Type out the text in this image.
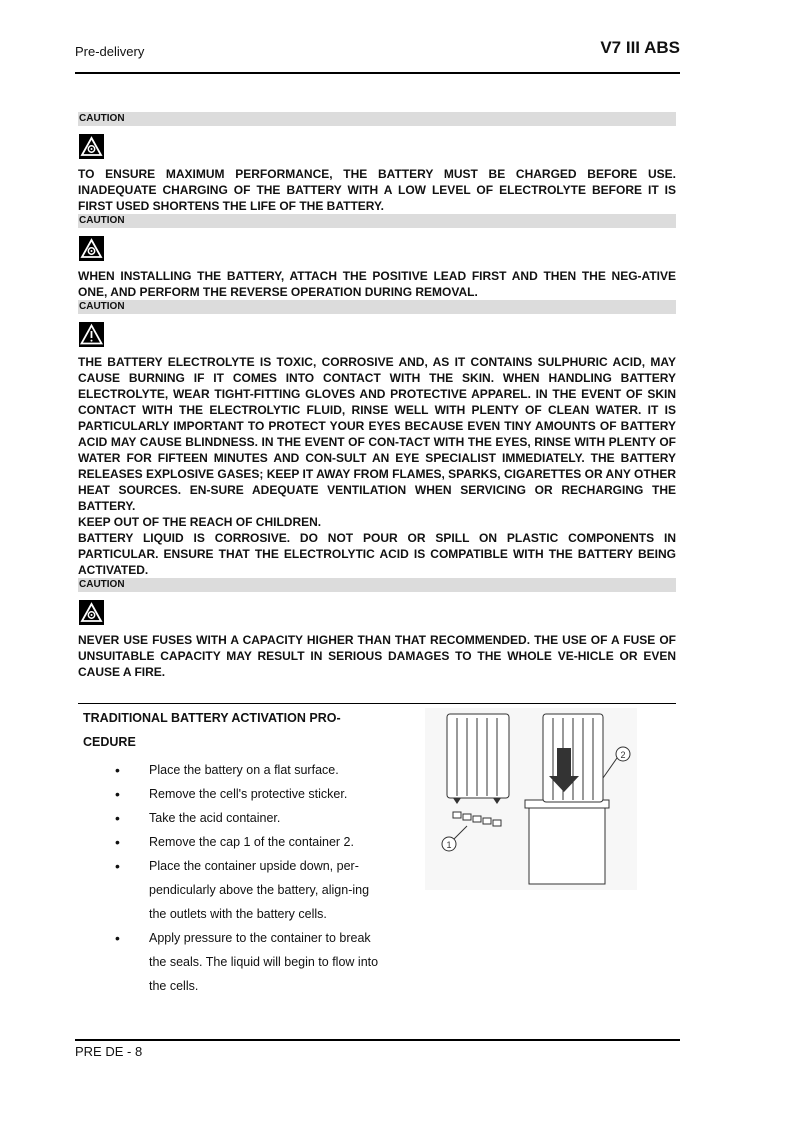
Pre-delivery	V7 III ABS
CAUTION

TO ENSURE MAXIMUM PERFORMANCE, THE BATTERY MUST BE CHARGED BEFORE USE. INADEQUATE CHARGING OF THE BATTERY WITH A LOW LEVEL OF ELECTROLYTE BEFORE IT IS FIRST USED SHORTENS THE LIFE OF THE BATTERY.

CAUTION

WHEN INSTALLING THE BATTERY, ATTACH THE POSITIVE LEAD FIRST AND THEN THE NEG-ATIVE ONE, AND PERFORM THE REVERSE OPERATION DURING REMOVAL.

CAUTION

THE BATTERY ELECTROLYTE IS TOXIC, CORROSIVE AND, AS IT CONTAINS SULPHURIC ACID, MAY CAUSE BURNING IF IT COMES INTO CONTACT WITH THE SKIN. WHEN HANDLING BATTERY ELECTROLYTE, WEAR TIGHT-FITTING GLOVES AND PROTECTIVE APPAREL. IN THE EVENT OF SKIN CONTACT WITH THE ELECTROLYTIC FLUID, RINSE WELL WITH PLENTY OF CLEAN WATER. IT IS PARTICULARLY IMPORTANT TO PROTECT YOUR EYES BECAUSE EVEN TINY AMOUNTS OF BATTERY ACID MAY CAUSE BLINDNESS. IN THE EVENT OF CON-TACT WITH THE EYES, RINSE WITH PLENTY OF WATER FOR FIFTEEN MINUTES AND CON-SULT AN EYE SPECIALIST IMMEDIATELY. THE BATTERY RELEASES EXPLOSIVE GASES; KEEP IT AWAY FROM FLAMES, SPARKS, CIGARETTES OR ANY OTHER HEAT SOURCES. EN-SURE ADEQUATE VENTILATION WHEN SERVICING OR RECHARGING THE BATTERY.

KEEP OUT OF THE REACH OF CHILDREN.

BATTERY LIQUID IS CORROSIVE. DO NOT POUR OR SPILL ON PLASTIC COMPONENTS IN PARTICULAR. ENSURE THAT THE ELECTROLYTIC ACID IS COMPATIBLE WITH THE BATTERY BEING ACTIVATED.

CAUTION

NEVER USE FUSES WITH A CAPACITY HIGHER THAN THAT RECOMMENDED. THE USE OF A FUSE OF UNSUITABLE CAPACITY MAY RESULT IN SERIOUS DAMAGES TO THE WHOLE VE-HICLE OR EVEN CAUSE A FIRE.

TRADITIONAL BATTERY ACTIVATION PRO-CEDURE

• Place the battery on a flat surface.
• Remove the cell's protective sticker.
• Take the acid container.
• Remove the cap 1 of the container 2.
• Place the container upside down, per-pendicularly above the battery, align-ing the outlets with the battery cells.
• Apply pressure to the container to break the seals. The liquid will begin to flow into the cells.
1
2
PRE DE - 8
